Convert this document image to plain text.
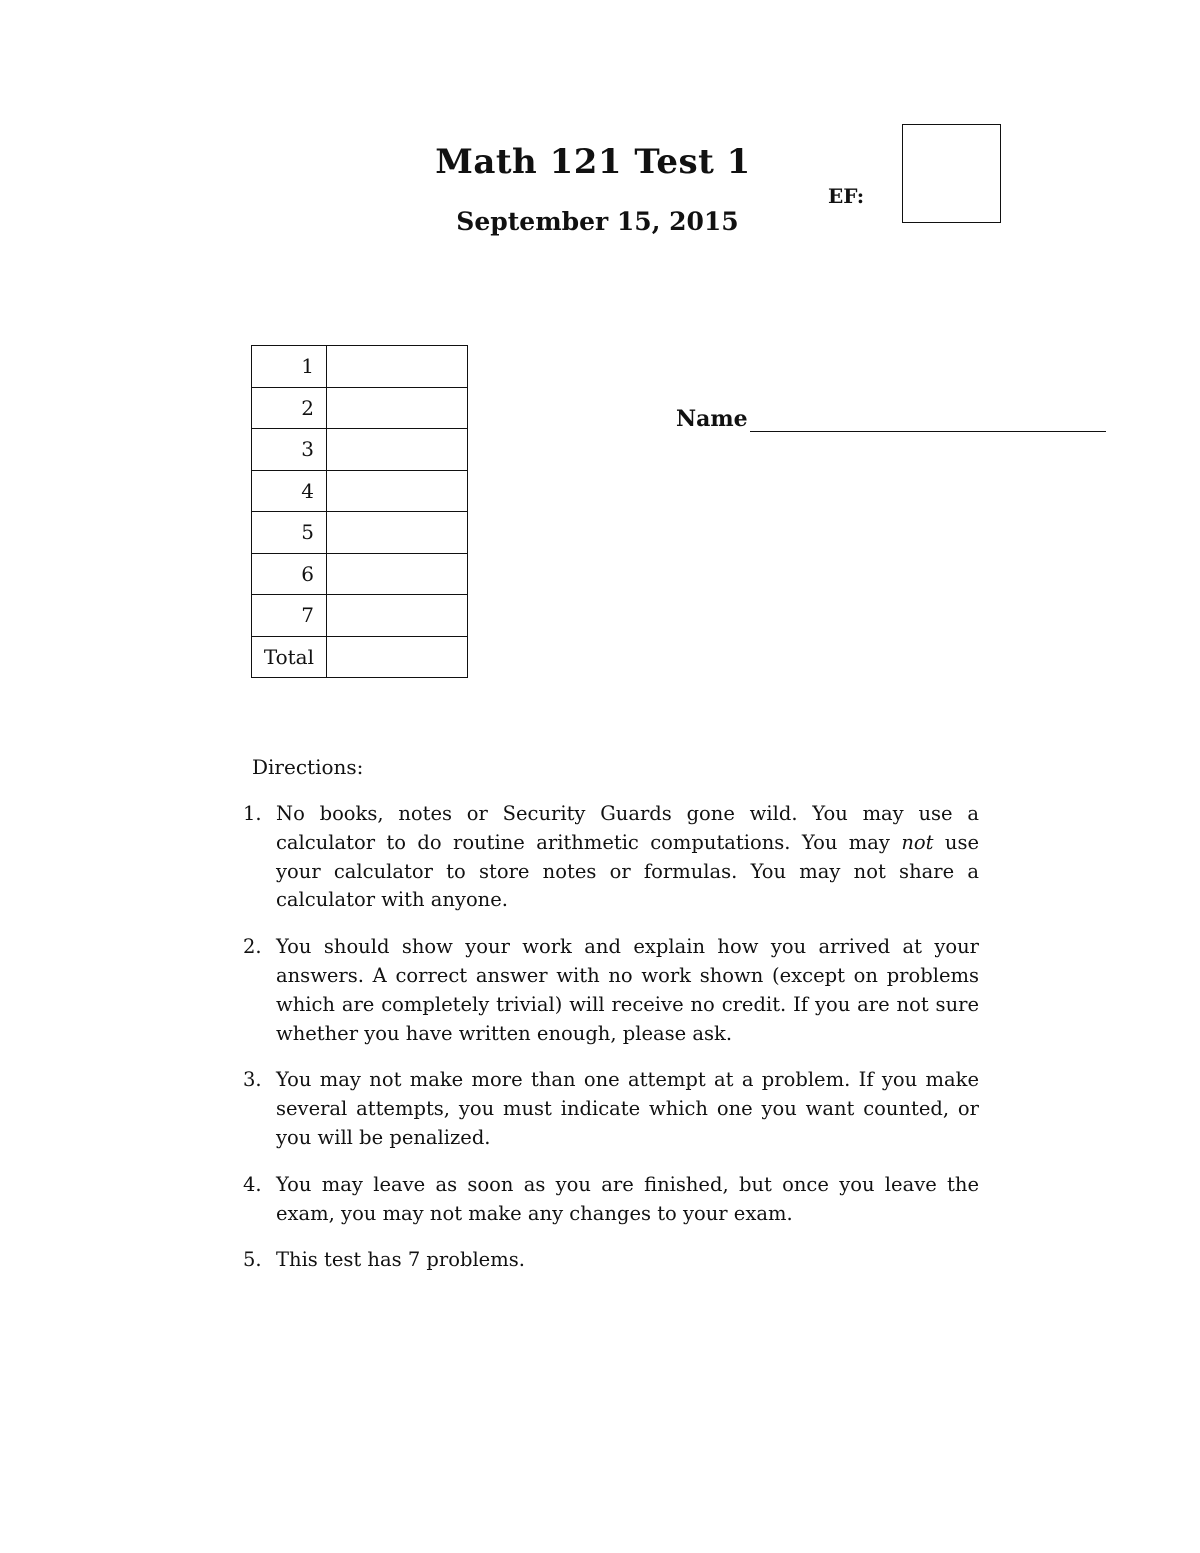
Math 121 Test 1
September 15, 2015
EF:
1	
2	
3	
4	
5	
6	
7	
Total	
Name
Directions:
1. No books, notes or Security Guards gone wild. You may use a calculator to do routine arithmetic computations. You may not use your calculator to store notes or formulas. You may not share a calculator with anyone.
2. You should show your work and explain how you arrived at your answers. A correct answer with no work shown (except on problems which are completely trivial) will receive no credit. If you are not sure whether you have written enough, please ask.
3. You may not make more than one attempt at a problem. If you make several attempts, you must indicate which one you want counted, or you will be penalized.
4. You may leave as soon as you are finished, but once you leave the exam, you may not make any changes to your exam.
5. This test has 7 problems.
